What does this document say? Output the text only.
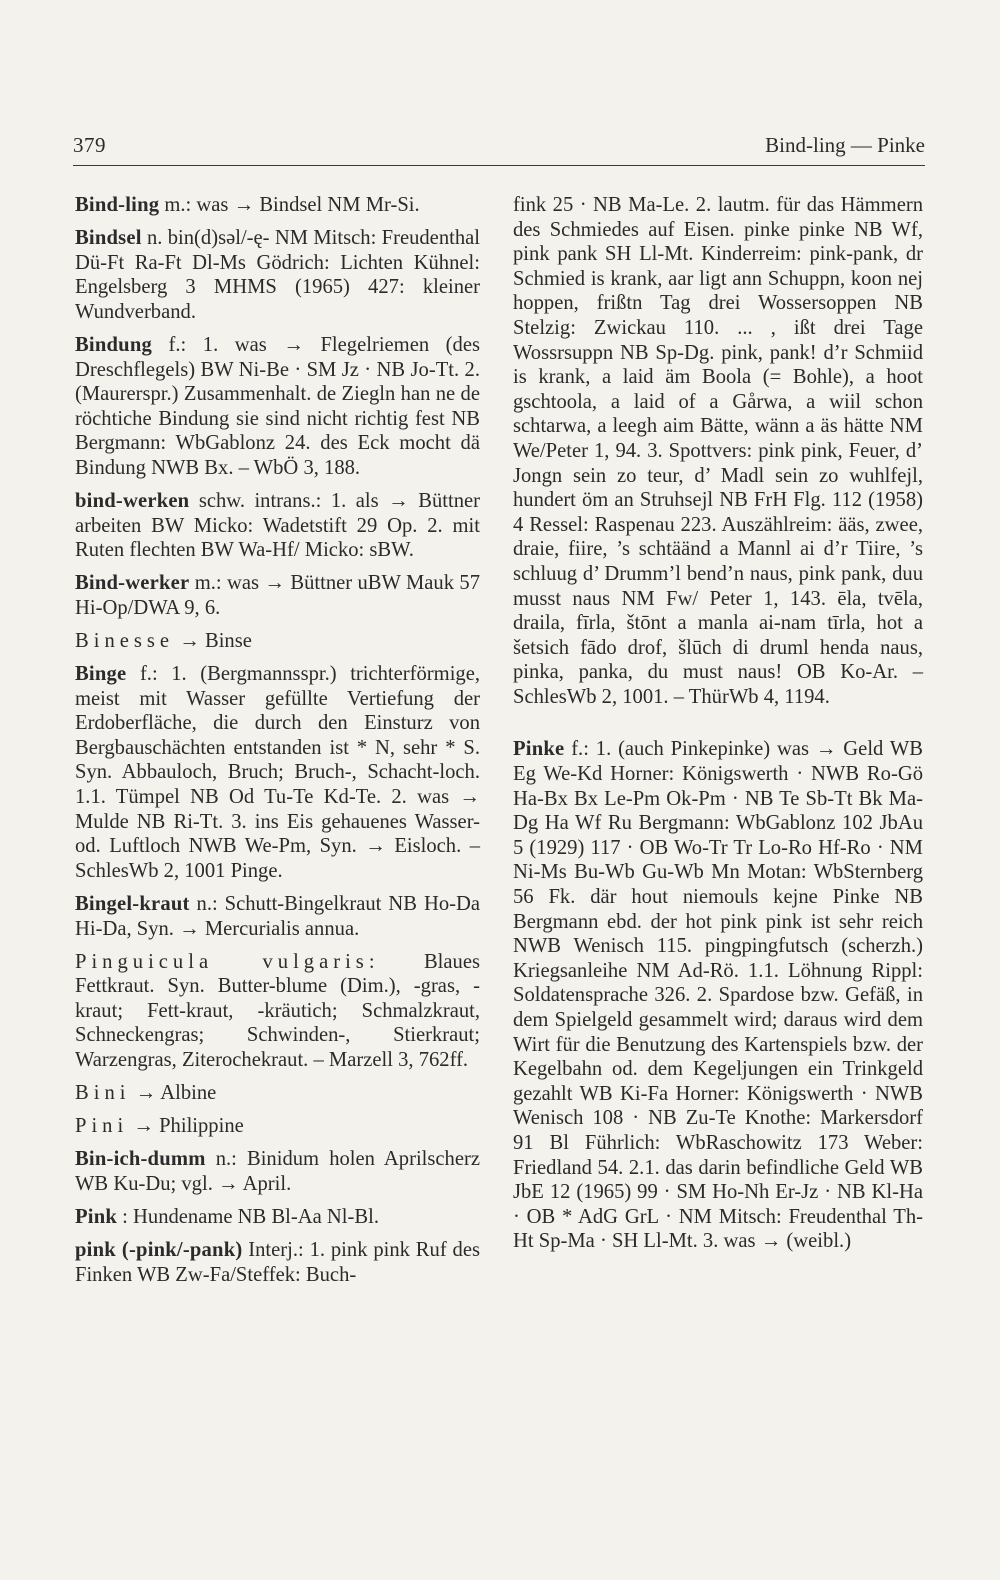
379	Bind-ling — Pinke

Bind-ling m.: was → Bindsel NM Mr-Si.

Bindsel n. bin(d)səl/-ę- NM Mitsch: Freudenthal Dü-Ft Ra-Ft Dl-Ms Gödrich: Lichten Kühnel: Engelsberg 3 MHMS (1965) 427: kleiner Wundverband.

Bindung f.: 1. was → Flegelriemen (des Dreschflegels) BW Ni-Be · SM Jz · NB Jo-Tt. 2. (Maurerspr.) Zusammenhalt. de Ziegln han ne de röchtiche Bindung sie sind nicht richtig fest NB Bergmann: WbGablonz 24. des Eck mocht dä Bindung NWB Bx. – WbÖ 3, 188.

bind-werken schw. intrans.: 1. als → Büttner arbeiten BW Micko: Wadetstift 29 Op. 2. mit Ruten flechten BW Wa-Hf/ Micko: sBW.

Bind-werker m.: was → Büttner uBW Mauk 57 Hi-Op/DWA 9, 6.

Binesse → Binse

Binge f.: 1. (Bergmannsspr.) trichterförmige, meist mit Wasser gefüllte Vertiefung der Erdoberfläche, die durch den Einsturz von Bergbauschächten entstanden ist * N, sehr * S. Syn. Abbauloch, Bruch; Bruch-, Schacht-loch. 1.1. Tümpel NB Od Tu-Te Kd-Te. 2. was → Mulde NB Ri-Tt. 3. ins Eis gehauenes Wasser- od. Luftloch NWB We-Pm, Syn. → Eisloch. – SchlesWb 2, 1001 Pinge.

Bingel-kraut n.: Schutt-Bingelkraut NB Ho-Da Hi-Da, Syn. → Mercurialis annua.

Pinguicula vulgaris: Blaues Fettkraut. Syn. Butter-blume (Dim.), -gras, -kraut; Fett-kraut, -kräutich; Schmalzkraut, Schneckengras; Schwinden-, Stierkraut; Warzengras, Ziterochekraut. – Marzell 3, 762ff.

Bini → Albine

Pini → Philippine

Bin-ich-dumm n.: Binidum holen Aprilscherz WB Ku-Du; vgl. → April.

Pink : Hundename NB Bl-Aa Nl-Bl.

pink (-pink/-pank) Interj.: 1. pink pink Ruf des Finken WB Zw-Fa/Steffek: Buch-

fink 25 · NB Ma-Le. 2. lautm. für das Hämmern des Schmiedes auf Eisen. pinke pinke NB Wf, pink pank SH Ll-Mt. Kinderreim: pink-pank, dr Schmied is krank, aar ligt ann Schuppn, koon nej hoppen, frißtn Tag drei Wossersoppen NB Stelzig: Zwickau 110. ... , ißt drei Tage Wossrsuppn NB Sp-Dg. pink, pank! d’r Schmiid is krank, a laid äm Boola (= Bohle), a hoot gschtoola, a laid of a Gårwa, a wiil schon schtarwa, a leegh aim Bätte, wänn a äs hätte NM We/Peter 1, 94. 3. Spottvers: pink pink, Feuer, d’ Jongn sein zo teur, d’ Madl sein zo wuhlfejl, hundert öm an Struhsejl NB FrH Flg. 112 (1958) 4 Ressel: Raspenau 223. Auszählreim: ääs, zwee, draie, fiire, ’s schtäänd a Mannl ai d’r Tiire, ’s schluug d’ Drumm’l bend’n naus, pink pank, duu musst naus NM Fw/ Peter 1, 143. ēla, tvēla, draila, fīrla, štōnt a manla ai-nam tīrla, hot a šetsich fādo drof, šlūch di druml henda naus, pinka, panka, du must naus! OB Ko-Ar. – SchlesWb 2, 1001. – ThürWb 4, 1194.

Pinke f.: 1. (auch Pinkepinke) was → Geld WB Eg We-Kd Horner: Königswerth · NWB Ro-Gö Ha-Bx Bx Le-Pm Ok-Pm · NB Te Sb-Tt Bk Ma-Dg Ha Wf Ru Bergmann: WbGablonz 102 JbAu 5 (1929) 117 · OB Wo-Tr Tr Lo-Ro Hf-Ro · NM Ni-Ms Bu-Wb Gu-Wb Mn Motan: WbSternberg 56 Fk. där hout niemouls kejne Pinke NB Bergmann ebd. der hot pink pink ist sehr reich NWB Wenisch 115. pingpingfutsch (scherzh.) Kriegsanleihe NM Ad-Rö. 1.1. Löhnung Rippl: Soldatensprache 326. 2. Spardose bzw. Gefäß, in dem Spielgeld gesammelt wird; daraus wird dem Wirt für die Benutzung des Kartenspiels bzw. der Kegelbahn od. dem Kegeljungen ein Trinkgeld gezahlt WB Ki-Fa Horner: Königswerth · NWB Wenisch 108 · NB Zu-Te Knothe: Markersdorf 91 Bl Führlich: WbRaschowitz 173 Weber: Friedland 54. 2.1. das darin befindliche Geld WB JbE 12 (1965) 99 · SM Ho-Nh Er-Jz · NB Kl-Ha · OB * AdG GrL · NM Mitsch: Freudenthal Th-Ht Sp-Ma · SH Ll-Mt. 3. was → (weibl.)
